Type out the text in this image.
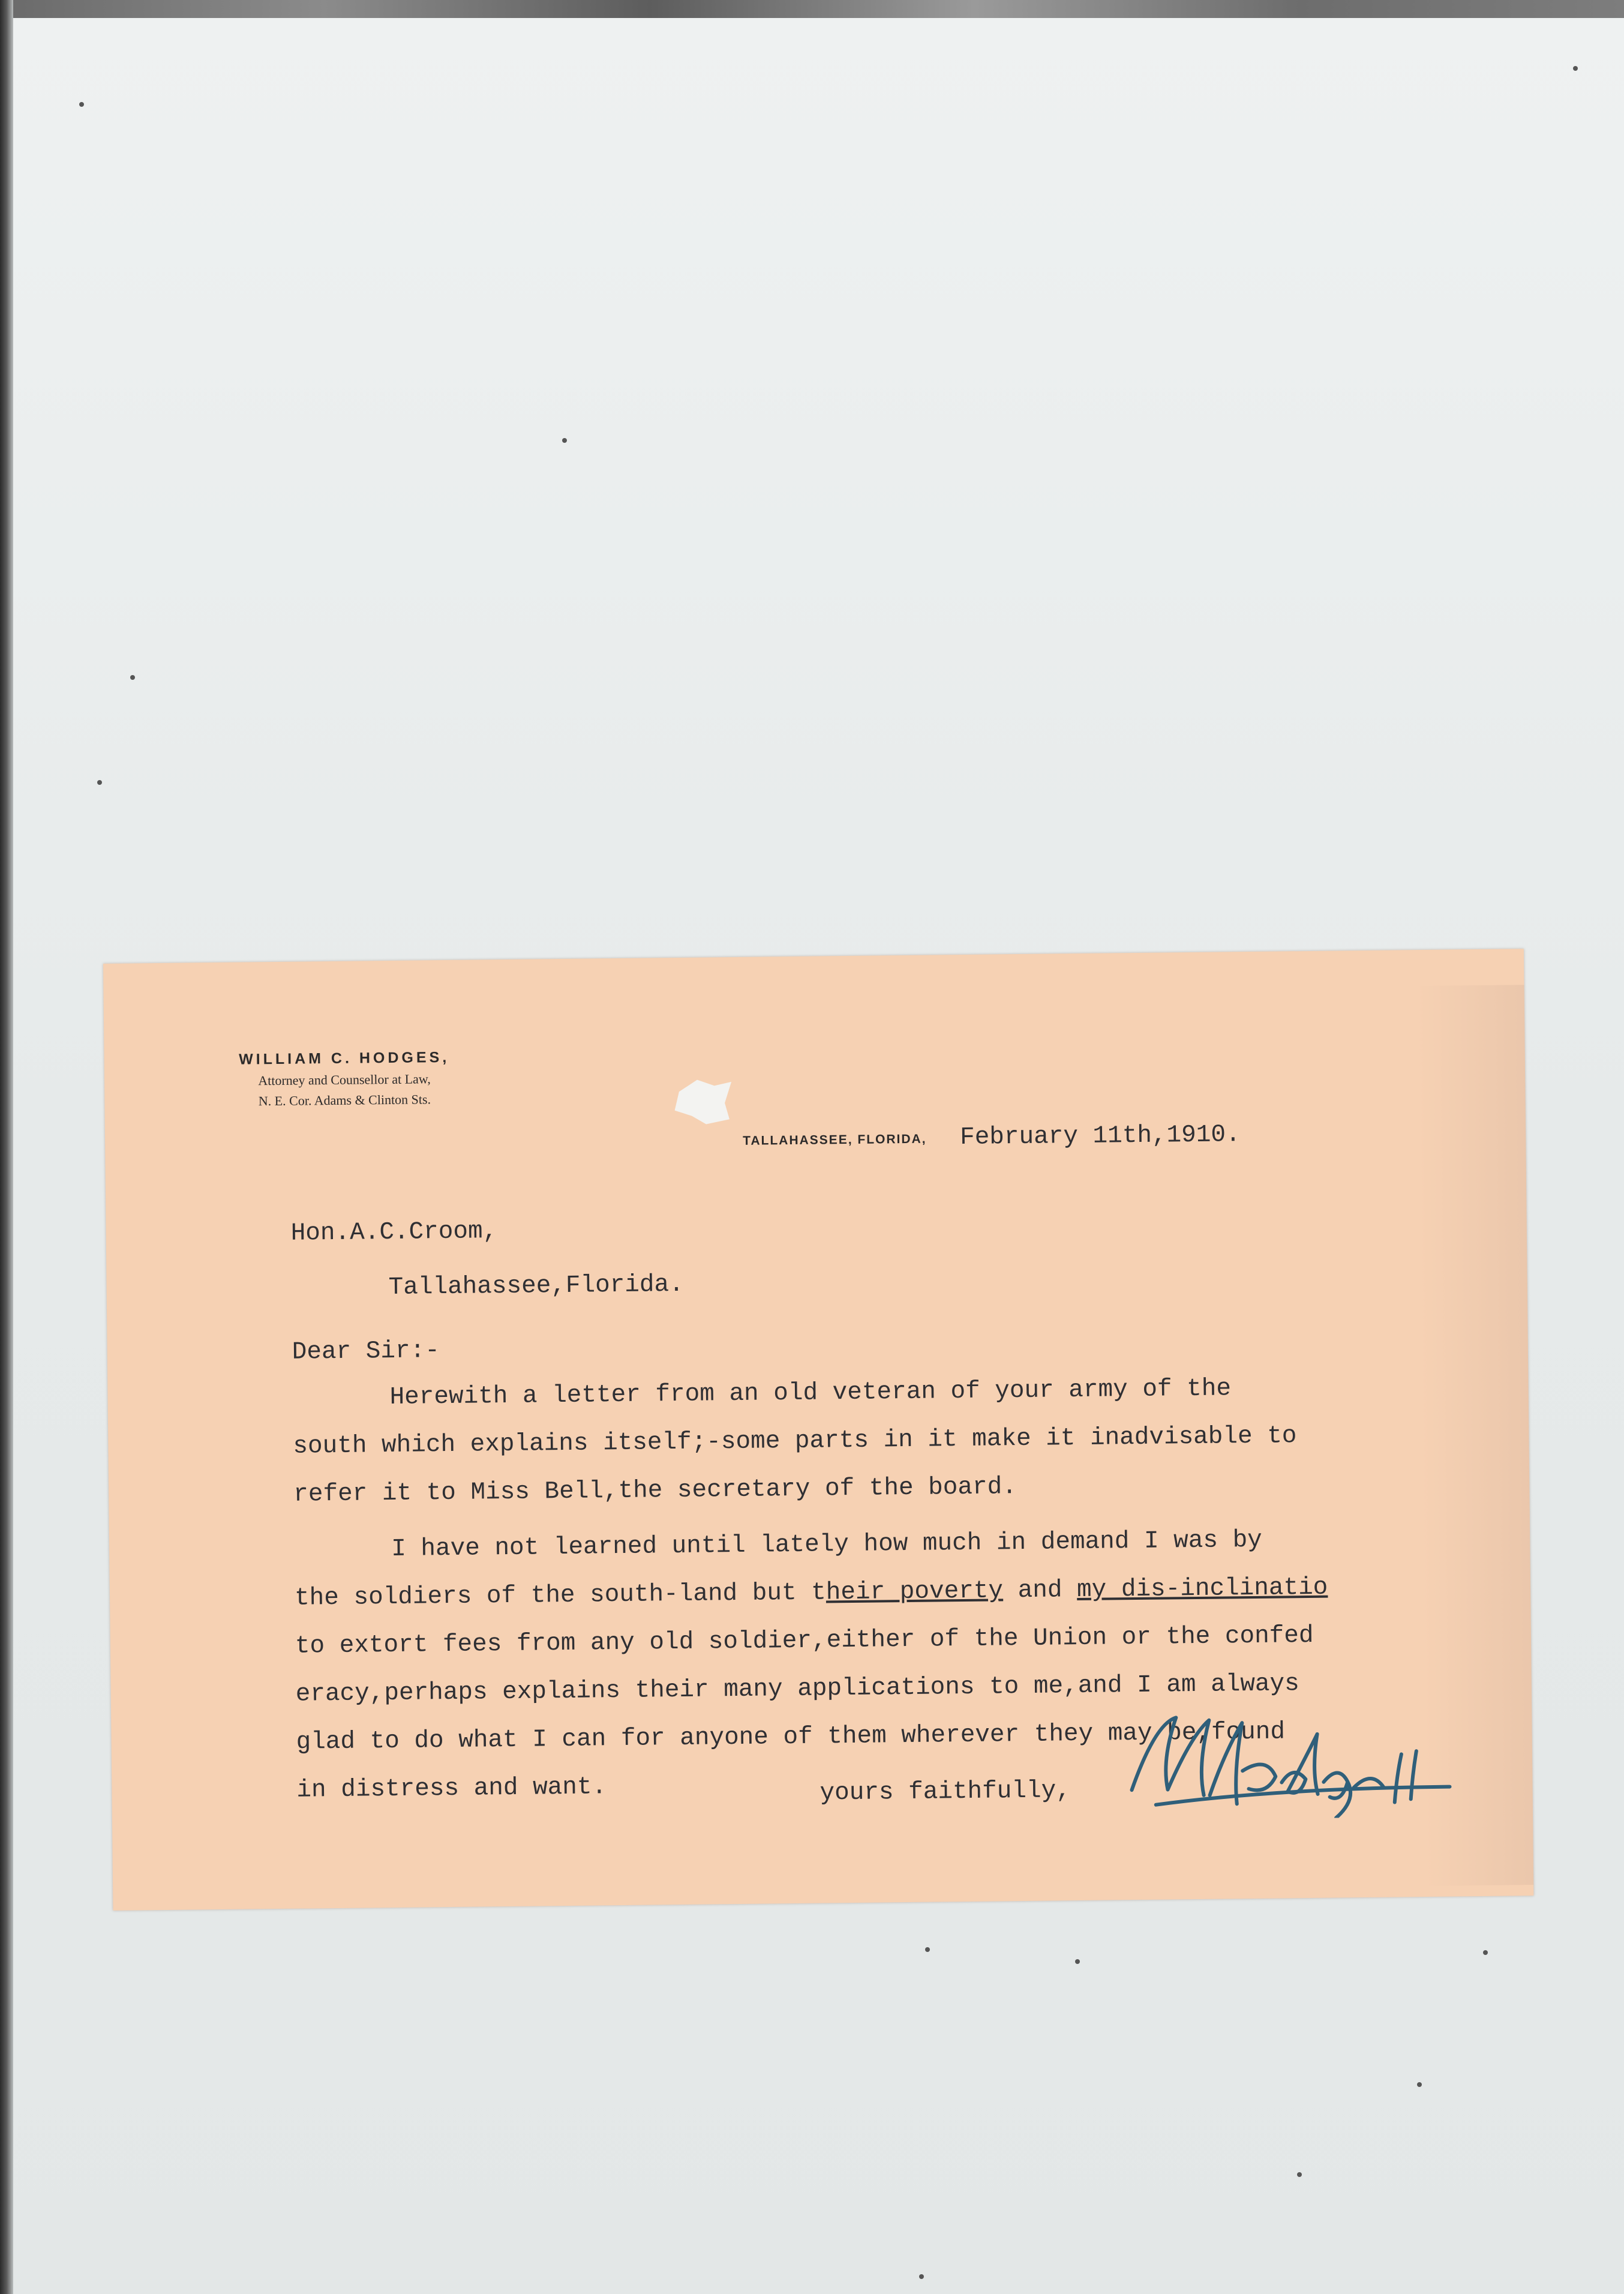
WILLIAM C. HODGES,
Attorney and Counsellor at Law,
N. E. Cor. Adams & Clinton Sts.
TALLAHASSEE, FLORIDA, February 11th,1910.
Hon.A.C.Croom,
Tallahassee,Florida.
Dear Sir:-
Herewith a letter from an old veteran of your army of the
south which explains itself;-some parts in it make it inadvisable to
refer it to Miss Bell,the secretary of the board.
I have not learned until lately how much in demand I was by
the soldiers of the south-land but their poverty and my dis-inclinatio
to extort fees from any old soldier,either of the Union or the confed
eracy,perhaps explains their many applications to me,and I am always
glad to do what I can for anyone of them wherever they may be,found
in distress and want.	yours faithfully,
